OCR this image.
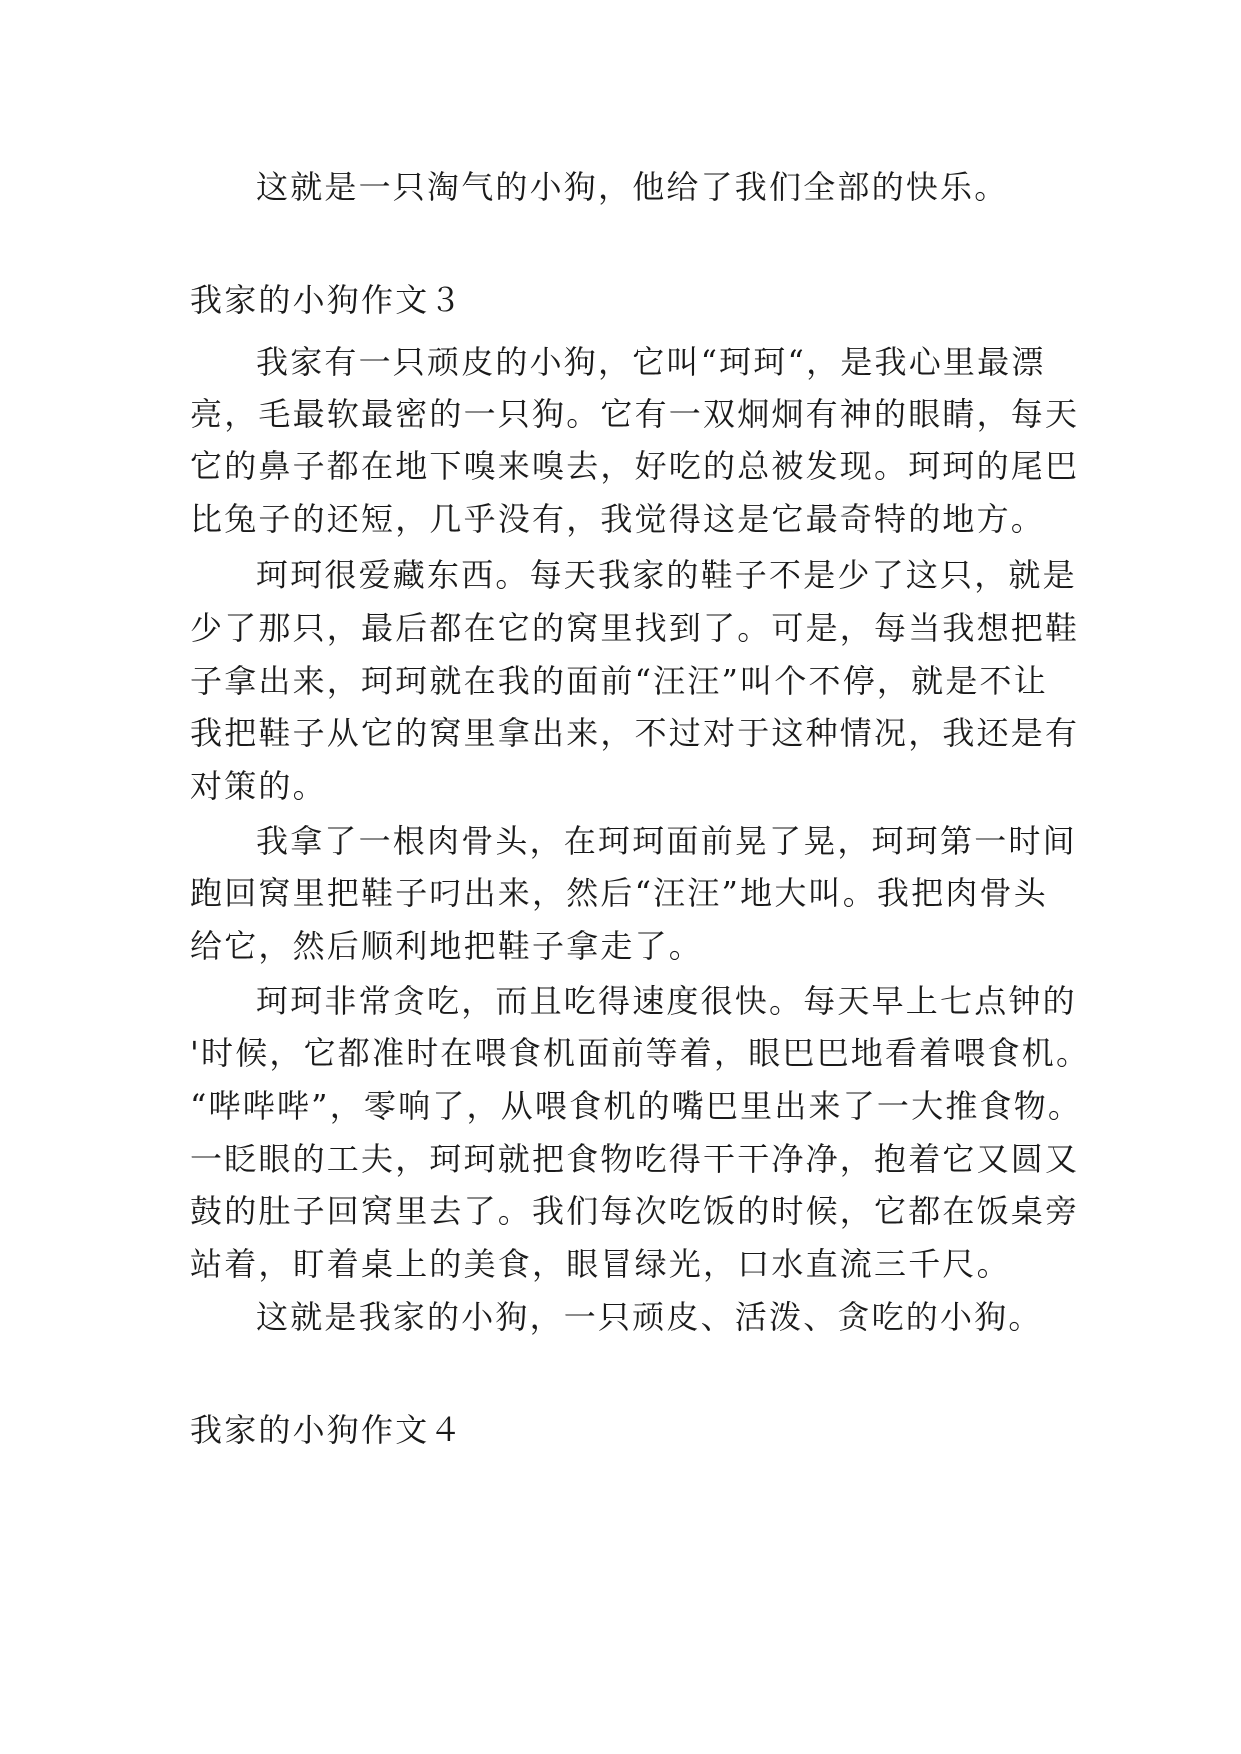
这就是一只淘气的小狗，他给了我们全部的快乐。
我家的小狗作文３
我家有一只顽皮的小狗，它叫“珂珂“，是我心里最漂
亮，毛最软最密的一只狗。它有一双炯炯有神的眼睛，每天
它的鼻子都在地下嗅来嗅去，好吃的总被发现。珂珂的尾巴
比兔子的还短，几乎没有，我觉得这是它最奇特的地方。
珂珂很爱藏东西。每天我家的鞋子不是少了这只，就是
少了那只，最后都在它的窝里找到了。可是，每当我想把鞋
子拿出来，珂珂就在我的面前“汪汪”叫个不停，就是不让
我把鞋子从它的窝里拿出来，不过对于这种情况，我还是有
对策的。
我拿了一根肉骨头，在珂珂面前晃了晃，珂珂第一时间
跑回窝里把鞋子叼出来，然后“汪汪”地大叫。我把肉骨头
给它，然后顺利地把鞋子拿走了。
珂珂非常贪吃，而且吃得速度很快。每天早上七点钟的
'时候，它都准时在喂食机面前等着，眼巴巴地看着喂食机。
“哔哔哔”，零响了，从喂食机的嘴巴里出来了一大推食物。
一眨眼的工夫，珂珂就把食物吃得干干净净，抱着它又圆又
鼓的肚子回窝里去了。我们每次吃饭的时候，它都在饭桌旁
站着，盯着桌上的美食，眼冒绿光，口水直流三千尺。
这就是我家的小狗，一只顽皮、活泼、贪吃的小狗。
我家的小狗作文４
